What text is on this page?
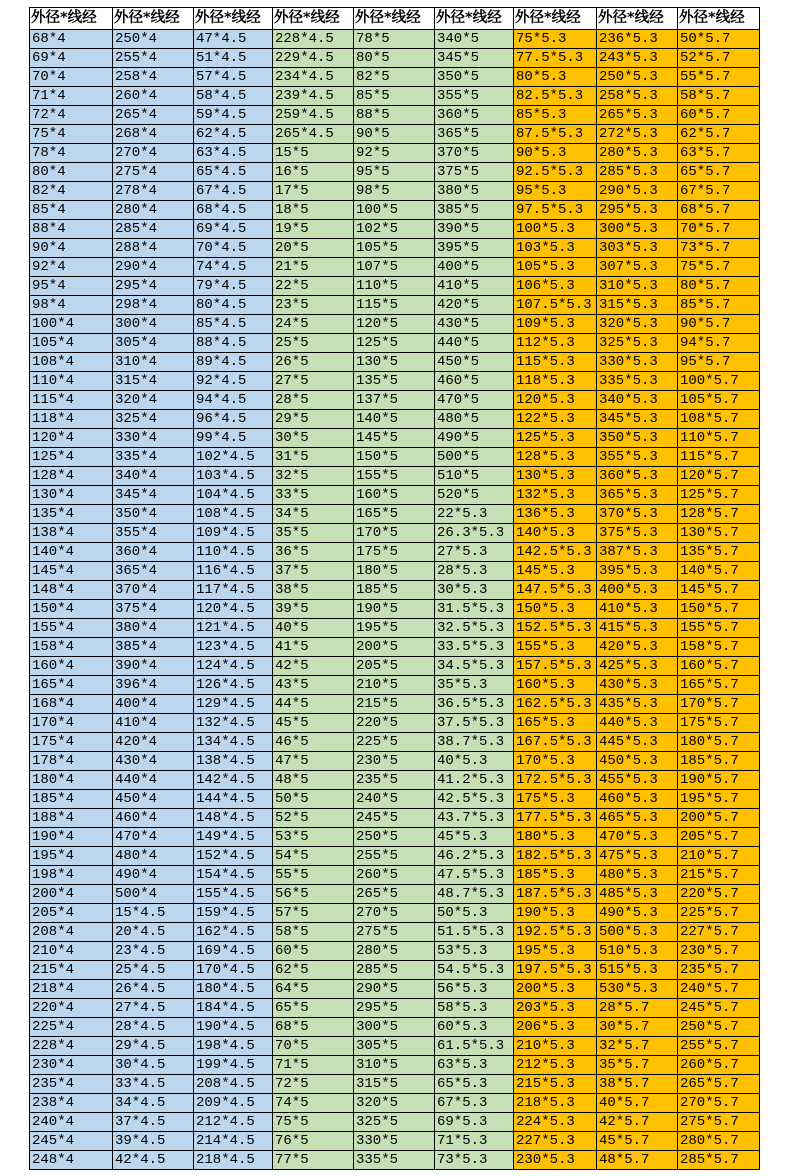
外径*线经	外径*线经	外径*线经	外径*线经	外径*线经	外径*线经	外径*线经	外径*线经	外径*线经
68*4	250*4	47*4.5	228*4.5	78*5	340*5	75*5.3	236*5.3	50*5.7
69*4	255*4	51*4.5	229*4.5	80*5	345*5	77.5*5.3	243*5.3	52*5.7
70*4	258*4	57*4.5	234*4.5	82*5	350*5	80*5.3	250*5.3	55*5.7
71*4	260*4	58*4.5	239*4.5	85*5	355*5	82.5*5.3	258*5.3	58*5.7
72*4	265*4	59*4.5	259*4.5	88*5	360*5	85*5.3	265*5.3	60*5.7
75*4	268*4	62*4.5	265*4.5	90*5	365*5	87.5*5.3	272*5.3	62*5.7
78*4	270*4	63*4.5	15*5	92*5	370*5	90*5.3	280*5.3	63*5.7
80*4	275*4	65*4.5	16*5	95*5	375*5	92.5*5.3	285*5.3	65*5.7
82*4	278*4	67*4.5	17*5	98*5	380*5	95*5.3	290*5.3	67*5.7
85*4	280*4	68*4.5	18*5	100*5	385*5	97.5*5.3	295*5.3	68*5.7
88*4	285*4	69*4.5	19*5	102*5	390*5	100*5.3	300*5.3	70*5.7
90*4	288*4	70*4.5	20*5	105*5	395*5	103*5.3	303*5.3	73*5.7
92*4	290*4	74*4.5	21*5	107*5	400*5	105*5.3	307*5.3	75*5.7
95*4	295*4	79*4.5	22*5	110*5	410*5	106*5.3	310*5.3	80*5.7
98*4	298*4	80*4.5	23*5	115*5	420*5	107.5*5.3	315*5.3	85*5.7
100*4	300*4	85*4.5	24*5	120*5	430*5	109*5.3	320*5.3	90*5.7
105*4	305*4	88*4.5	25*5	125*5	440*5	112*5.3	325*5.3	94*5.7
108*4	310*4	89*4.5	26*5	130*5	450*5	115*5.3	330*5.3	95*5.7
110*4	315*4	92*4.5	27*5	135*5	460*5	118*5.3	335*5.3	100*5.7
115*4	320*4	94*4.5	28*5	137*5	470*5	120*5.3	340*5.3	105*5.7
118*4	325*4	96*4.5	29*5	140*5	480*5	122*5.3	345*5.3	108*5.7
120*4	330*4	99*4.5	30*5	145*5	490*5	125*5.3	350*5.3	110*5.7
125*4	335*4	102*4.5	31*5	150*5	500*5	128*5.3	355*5.3	115*5.7
128*4	340*4	103*4.5	32*5	155*5	510*5	130*5.3	360*5.3	120*5.7
130*4	345*4	104*4.5	33*5	160*5	520*5	132*5.3	365*5.3	125*5.7
135*4	350*4	108*4.5	34*5	165*5	22*5.3	136*5.3	370*5.3	128*5.7
138*4	355*4	109*4.5	35*5	170*5	26.3*5.3	140*5.3	375*5.3	130*5.7
140*4	360*4	110*4.5	36*5	175*5	27*5.3	142.5*5.3	387*5.3	135*5.7
145*4	365*4	116*4.5	37*5	180*5	28*5.3	145*5.3	395*5.3	140*5.7
148*4	370*4	117*4.5	38*5	185*5	30*5.3	147.5*5.3	400*5.3	145*5.7
150*4	375*4	120*4.5	39*5	190*5	31.5*5.3	150*5.3	410*5.3	150*5.7
155*4	380*4	121*4.5	40*5	195*5	32.5*5.3	152.5*5.3	415*5.3	155*5.7
158*4	385*4	123*4.5	41*5	200*5	33.5*5.3	155*5.3	420*5.3	158*5.7
160*4	390*4	124*4.5	42*5	205*5	34.5*5.3	157.5*5.3	425*5.3	160*5.7
165*4	396*4	126*4.5	43*5	210*5	35*5.3	160*5.3	430*5.3	165*5.7
168*4	400*4	129*4.5	44*5	215*5	36.5*5.3	162.5*5.3	435*5.3	170*5.7
170*4	410*4	132*4.5	45*5	220*5	37.5*5.3	165*5.3	440*5.3	175*5.7
175*4	420*4	134*4.5	46*5	225*5	38.7*5.3	167.5*5.3	445*5.3	180*5.7
178*4	430*4	138*4.5	47*5	230*5	40*5.3	170*5.3	450*5.3	185*5.7
180*4	440*4	142*4.5	48*5	235*5	41.2*5.3	172.5*5.3	455*5.3	190*5.7
185*4	450*4	144*4.5	50*5	240*5	42.5*5.3	175*5.3	460*5.3	195*5.7
188*4	460*4	148*4.5	52*5	245*5	43.7*5.3	177.5*5.3	465*5.3	200*5.7
190*4	470*4	149*4.5	53*5	250*5	45*5.3	180*5.3	470*5.3	205*5.7
195*4	480*4	152*4.5	54*5	255*5	46.2*5.3	182.5*5.3	475*5.3	210*5.7
198*4	490*4	154*4.5	55*5	260*5	47.5*5.3	185*5.3	480*5.3	215*5.7
200*4	500*4	155*4.5	56*5	265*5	48.7*5.3	187.5*5.3	485*5.3	220*5.7
205*4	15*4.5	159*4.5	57*5	270*5	50*5.3	190*5.3	490*5.3	225*5.7
208*4	20*4.5	162*4.5	58*5	275*5	51.5*5.3	192.5*5.3	500*5.3	227*5.7
210*4	23*4.5	169*4.5	60*5	280*5	53*5.3	195*5.3	510*5.3	230*5.7
215*4	25*4.5	170*4.5	62*5	285*5	54.5*5.3	197.5*5.3	515*5.3	235*5.7
218*4	26*4.5	180*4.5	64*5	290*5	56*5.3	200*5.3	530*5.3	240*5.7
220*4	27*4.5	184*4.5	65*5	295*5	58*5.3	203*5.3	28*5.7	245*5.7
225*4	28*4.5	190*4.5	68*5	300*5	60*5.3	206*5.3	30*5.7	250*5.7
228*4	29*4.5	198*4.5	70*5	305*5	61.5*5.3	210*5.3	32*5.7	255*5.7
230*4	30*4.5	199*4.5	71*5	310*5	63*5.3	212*5.3	35*5.7	260*5.7
235*4	33*4.5	208*4.5	72*5	315*5	65*5.3	215*5.3	38*5.7	265*5.7
238*4	34*4.5	209*4.5	74*5	320*5	67*5.3	218*5.3	40*5.7	270*5.7
240*4	37*4.5	212*4.5	75*5	325*5	69*5.3	224*5.3	42*5.7	275*5.7
245*4	39*4.5	214*4.5	76*5	330*5	71*5.3	227*5.3	45*5.7	280*5.7
248*4	42*4.5	218*4.5	77*5	335*5	73*5.3	230*5.3	48*5.7	285*5.7
